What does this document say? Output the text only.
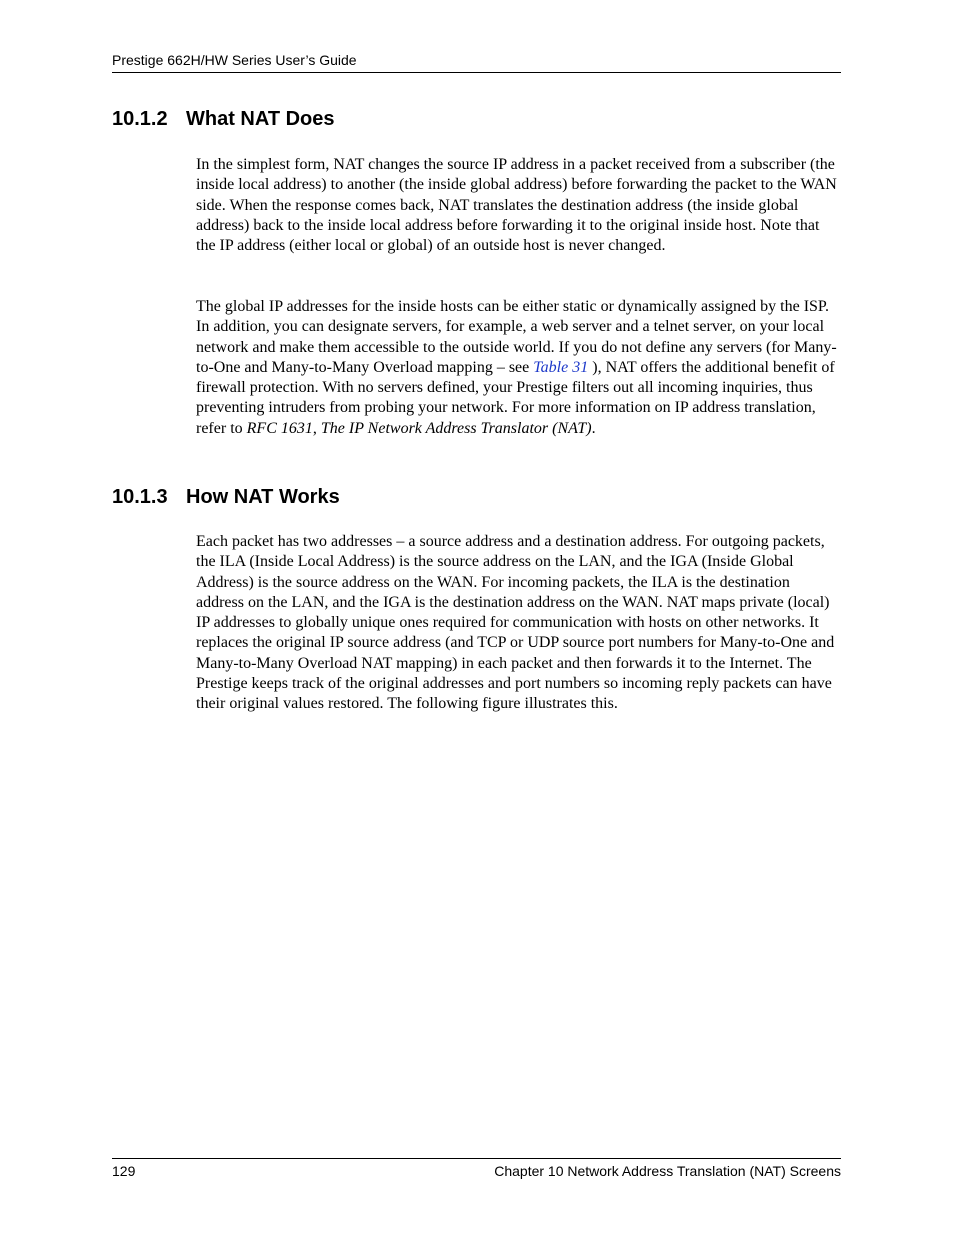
Prestige 662H/HW Series User’s Guide
10.1.2 What NAT Does

In the simplest form, NAT changes the source IP address in a packet received from a subscriber (the inside local address) to another (the inside global address) before forwarding the packet to the WAN side. When the response comes back, NAT translates the destination address (the inside global address) back to the inside local address before forwarding it to the original inside host. Note that the IP address (either local or global) of an outside host is never changed.

The global IP addresses for the inside hosts can be either static or dynamically assigned by the ISP. In addition, you can designate servers, for example, a web server and a telnet server, on your local network and make them accessible to the outside world. If you do not define any servers (for Many-to-One and Many-to-Many Overload mapping – see Table 31 ), NAT offers the additional benefit of firewall protection. With no servers defined, your Prestige filters out all incoming inquiries, thus preventing intruders from probing your network. For more information on IP address translation, refer to RFC 1631, The IP Network Address Translator (NAT).

10.1.3 How NAT Works

Each packet has two addresses – a source address and a destination address. For outgoing packets, the ILA (Inside Local Address) is the source address on the LAN, and the IGA (Inside Global Address) is the source address on the WAN. For incoming packets, the ILA is the destination address on the LAN, and the IGA is the destination address on the WAN. NAT maps private (local) IP addresses to globally unique ones required for communication with hosts on other networks. It replaces the original IP source address (and TCP or UDP source port numbers for Many-to-One and Many-to-Many Overload NAT mapping) in each packet and then forwards it to the Internet. The Prestige keeps track of the original addresses and port numbers so incoming reply packets can have their original values restored. The following figure illustrates this.

129	Chapter 10 Network Address Translation (NAT) Screens
